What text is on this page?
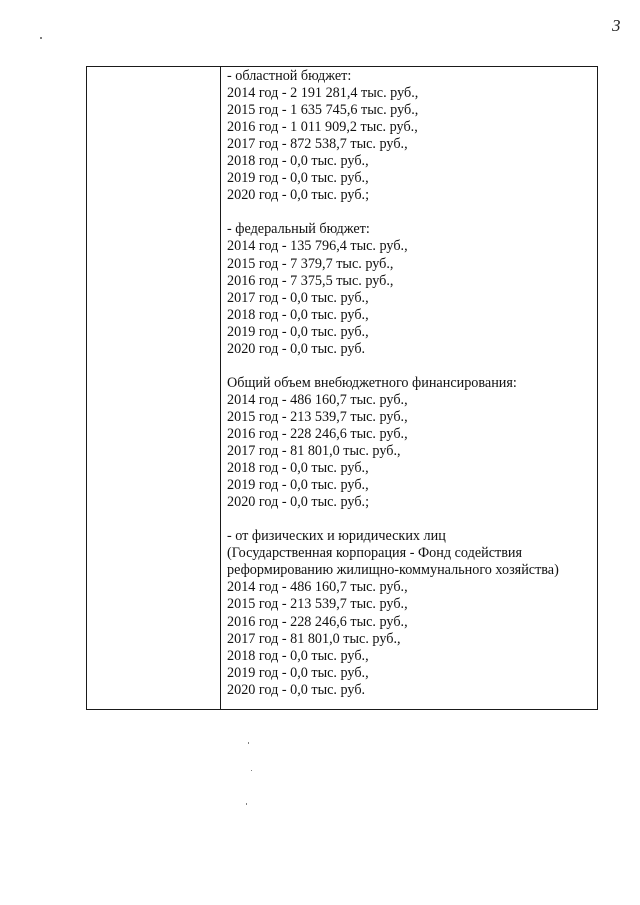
3
- областной бюджет:
2014 год - 2 191 281,4 тыс. руб.,
2015 год - 1 635 745,6 тыс. руб.,
2016 год - 1 011 909,2 тыс. руб.,
2017 год - 872 538,7 тыс. руб.,
2018 год - 0,0 тыс. руб.,
2019 год - 0,0 тыс. руб.,
2020 год - 0,0 тыс. руб.;
- федеральный бюджет:
2014 год - 135 796,4 тыс. руб.,
2015 год - 7 379,7 тыс. руб.,
2016 год - 7 375,5 тыс. руб.,
2017 год - 0,0 тыс. руб.,
2018 год - 0,0 тыс. руб.,
2019 год - 0,0 тыс. руб.,
2020 год - 0,0 тыс. руб.
Общий объем внебюджетного финансирования:
2014 год - 486 160,7 тыс. руб.,
2015 год - 213 539,7 тыс. руб.,
2016 год - 228 246,6 тыс. руб.,
2017 год - 81 801,0 тыс. руб.,
2018 год - 0,0 тыс. руб.,
2019 год - 0,0 тыс. руб.,
2020 год - 0,0 тыс. руб.;
- от физических и юридических лиц
(Государственная корпорация - Фонд содействия
реформированию жилищно-коммунального хозяйства)
2014 год - 486 160,7 тыс. руб.,
2015 год - 213 539,7 тыс. руб.,
2016 год - 228 246,6 тыс. руб.,
2017 год - 81 801,0 тыс. руб.,
2018 год - 0,0 тыс. руб.,
2019 год - 0,0 тыс. руб.,
2020 год - 0,0 тыс. руб.
